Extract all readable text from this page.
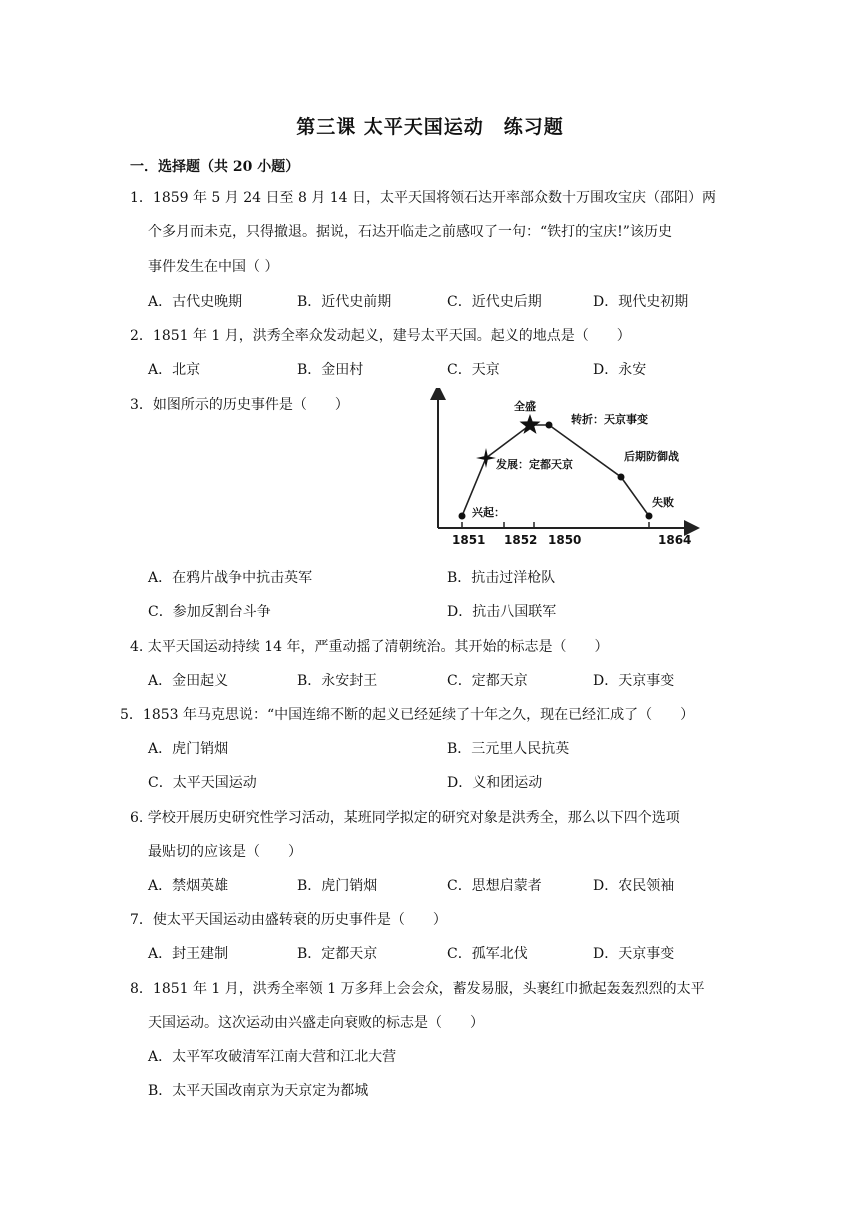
第三课 太平天国运动　练习题
一．选择题（共 20 小题）
1．1859 年 5 月 24 日至 8 月 14 日，太平天国将领石达开率部众数十万围攻宝庆（邵阳）两
个多月而未克，只得撤退。据说，石达开临走之前感叹了一句：“铁打的宝庆!”该历史
事件发生在中国（ ）
A．古代史晚期	B．近代史前期	C．近代史后期	D．现代史初期
2．1851 年 1 月，洪秀全率众发动起义，建号太平天国。起义的地点是（　　）
A．北京	B．金田村	C．天京	D．永安
3．如图所示的历史事件是（　　）
1851 1852 1850	1864
兴起：
发展：定都天京
全盛
转折：天京事变
后期防御战
失败
A．在鸦片战争中抗击英军	B．抗击过洋枪队
C．参加反割台斗争	D．抗击八国联军
4. 太平天国运动持续 14 年，严重动摇了清朝统治。其开始的标志是（　　）
A．金田起义	B．永安封王	C．定都天京	D．天京事变
5．1853 年马克思说：“中国连绵不断的起义已经延续了十年之久，现在已经汇成了（　　）
A．虎门销烟	B．三元里人民抗英
C．太平天国运动	D．义和团运动
6. 学校开展历史研究性学习活动，某班同学拟定的研究对象是洪秀全，那么以下四个选项
最贴切的应该是（　　）
A．禁烟英雄	B．虎门销烟	C．思想启蒙者	D．农民领袖
7．使太平天国运动由盛转衰的历史事件是（　　）
A．封王建制	B．定都天京	C．孤军北伐	D．天京事变
8．1851 年 1 月，洪秀全率领 1 万多拜上会会众，蓄发易服，头裹红巾掀起轰轰烈烈的太平
天国运动。这次运动由兴盛走向衰败的标志是（　　）
A．太平军攻破清军江南大营和江北大营
B．太平天国改南京为天京定为都城
